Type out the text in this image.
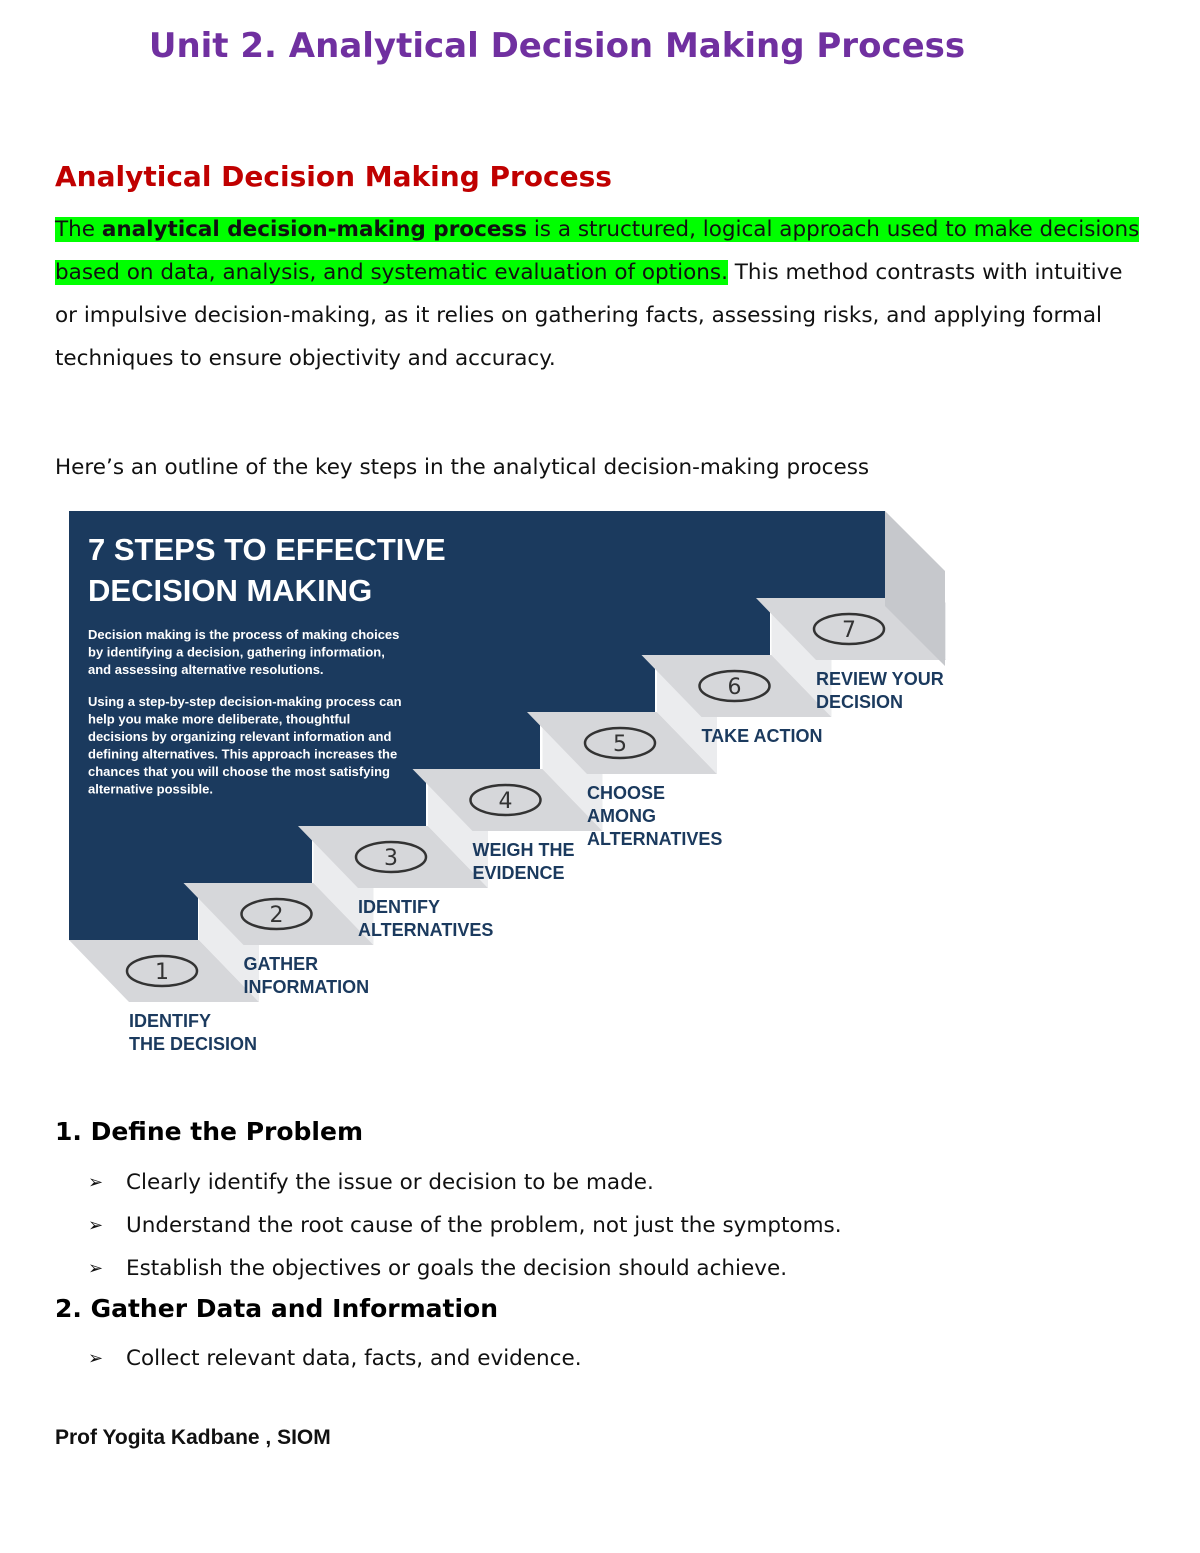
Unit 2. Analytical Decision Making Process
Analytical Decision Making Process

The analytical decision-making process is a structured, logical approach used to make decisions based on data, analysis, and systematic evaluation of options. This method contrasts with intuitive or impulsive decision-making, as it relies on gathering facts, assessing risks, and applying formal techniques to ensure objectivity and accuracy.

Here’s an outline of the key steps in the analytical decision-making process

1
2
3
4
5
6
7
7 STEPS TO EFFECTIVE
DECISION MAKING
Decision making is the process of making choices
by identifying a decision, gathering information,
and assessing alternative resolutions.
Using a step-by-step decision-making process can
help you make more deliberate, thoughtful
decisions by organizing relevant information and
defining alternatives. This approach increases the
chances that you will choose the most satisfying
alternative possible.
IDENTIFY
THE DECISION
GATHER
INFORMATION
IDENTIFY
ALTERNATIVES
WEIGH THE
EVIDENCE
CHOOSE
AMONG
ALTERNATIVES
TAKE ACTION
REVIEW YOUR
DECISION
1. Define the Problem
➢ Clearly identify the issue or decision to be made.
➢ Understand the root cause of the problem, not just the symptoms.
➢ Establish the objectives or goals the decision should achieve.
2. Gather Data and Information
➢ Collect relevant data, facts, and evidence.

Prof Yogita Kadbane , SIOM
